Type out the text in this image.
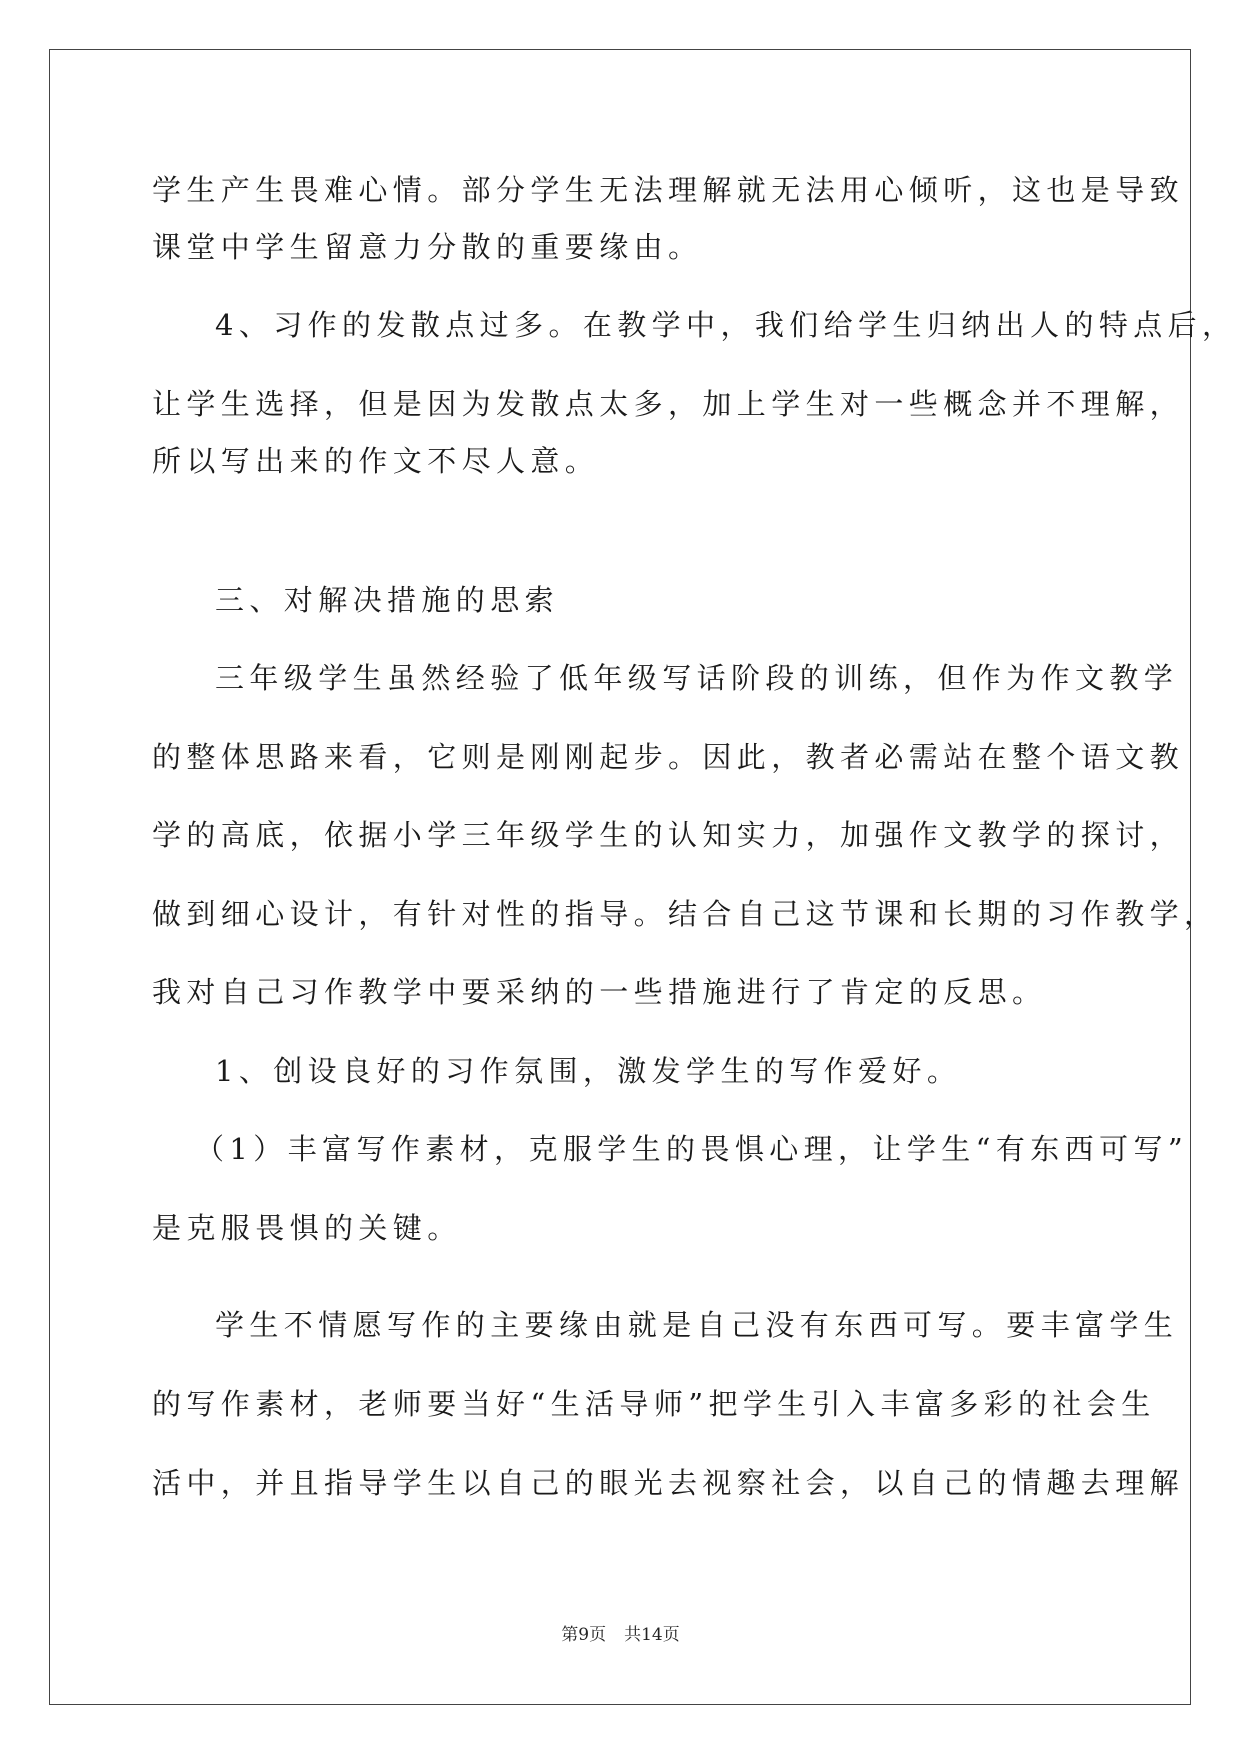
学生产生畏难心情。部分学生无法理解就无法用心倾听，这也是导致
课堂中学生留意力分散的重要缘由。
4、习作的发散点过多。在教学中，我们给学生归纳出人的特点后，
让学生选择，但是因为发散点太多，加上学生对一些概念并不理解，
所以写出来的作文不尽人意。
三、对解决措施的思索
三年级学生虽然经验了低年级写话阶段的训练，但作为作文教学
的整体思路来看，它则是刚刚起步。因此，教者必需站在整个语文教
学的高底，依据小学三年级学生的认知实力，加强作文教学的探讨，
做到细心设计，有针对性的指导。结合自己这节课和长期的习作教学，
我对自己习作教学中要采纳的一些措施进行了肯定的反思。
1、创设良好的习作氛围，激发学生的写作爱好。
（1）丰富写作素材，克服学生的畏惧心理，让学生“有东西可写”
是克服畏惧的关键。
学生不情愿写作的主要缘由就是自己没有东西可写。要丰富学生
的写作素材，老师要当好“生活导师”把学生引入丰富多彩的社会生
活中，并且指导学生以自己的眼光去视察社会，以自己的情趣去理解
第9页 共14页
